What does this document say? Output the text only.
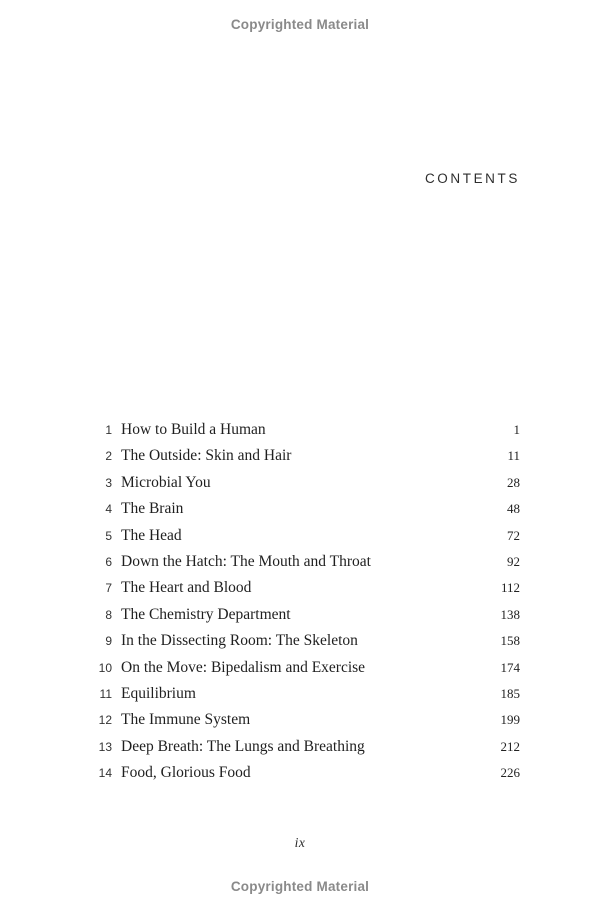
Copyrighted Material
CONTENTS
1 How to Build a Human	1
2 The Outside: Skin and Hair	11
3 Microbial You	28
4 The Brain	48
5 The Head	72
6 Down the Hatch: The Mouth and Throat	92
7 The Heart and Blood	112
8 The Chemistry Department	138
9 In the Dissecting Room: The Skeleton	158
10 On the Move: Bipedalism and Exercise	174
11 Equilibrium	185
12 The Immune System	199
13 Deep Breath: The Lungs and Breathing	212
14 Food, Glorious Food	226
ix
Copyrighted Material
